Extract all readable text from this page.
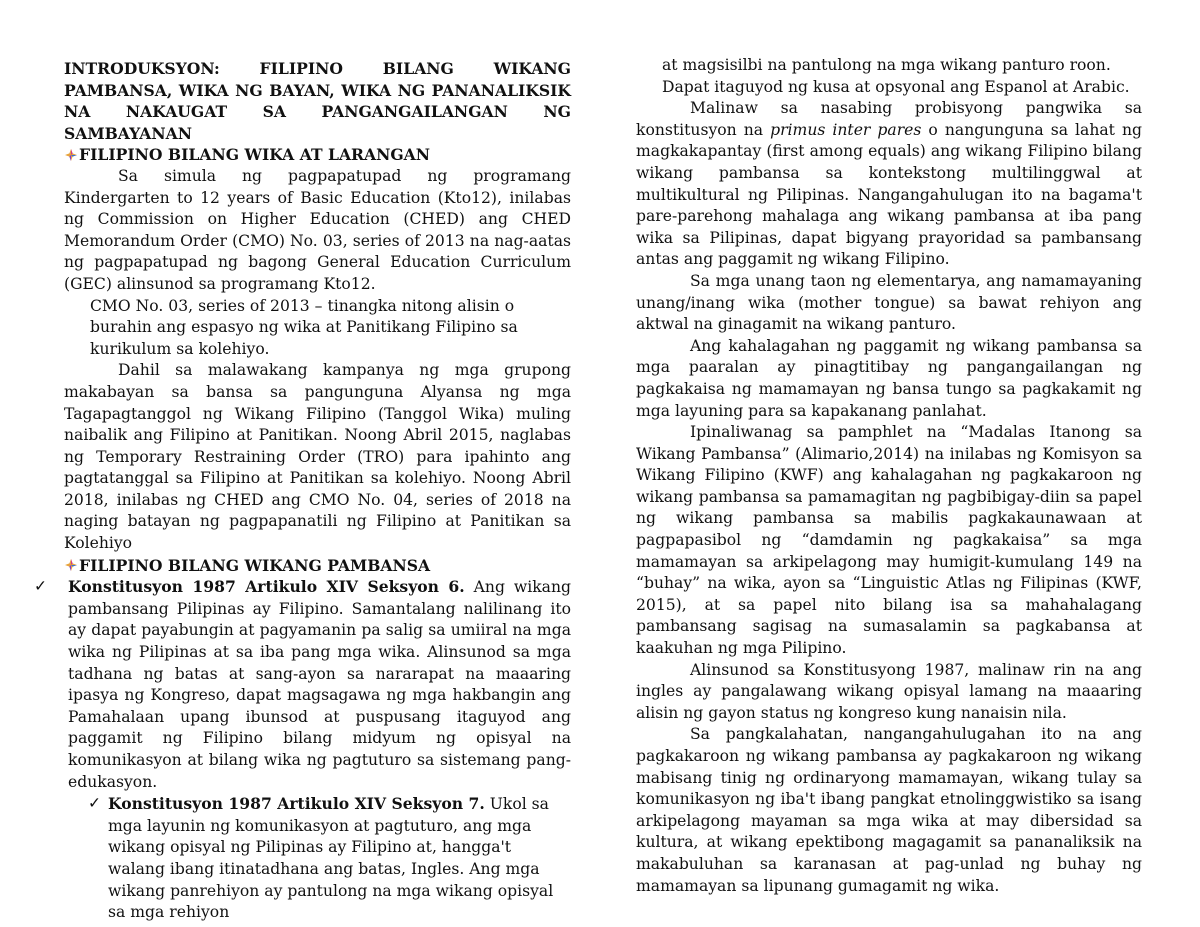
INTRODUKSYON: FILIPINO BILANG WIKANG PAMBANSA, WIKA NG BAYAN, WIKA NG PANANALIKSIK NA NAKAUGAT SA PANGANGAILANGAN NG SAMBAYANAN

FILIPINO BILANG WIKA AT LARANGAN

Sa simula ng pagpapatupad ng programang Kindergarten to 12 years of Basic Education (Kto12), inilabas ng Commission on Higher Education (CHED) ang CHED Memorandum Order (CMO) No. 03, series of 2013 na nag-aatas ng pagpapatupad ng bagong General Education Curriculum (GEC) alinsunod sa programang Kto12.

CMO No. 03, series of 2013 – tinangka nitong alisin o burahin ang espasyo ng wika at Panitikang Filipino sa kurikulum sa kolehiyo.

Dahil sa malawakang kampanya ng mga grupong makabayan sa bansa sa pangunguna Alyansa ng mga Tagapagtanggol ng Wikang Filipino (Tanggol Wika) muling naibalik ang Filipino at Panitikan. Noong Abril 2015, naglabas ng Temporary Restraining Order (TRO) para ipahinto ang pagtatanggal sa Filipino at Panitikan sa kolehiyo. Noong Abril 2018, inilabas ng CHED ang CMO No. 04, series of 2018 na naging batayan ng pagpapanatili ng Filipino at Panitikan sa Kolehiyo

FILIPINO BILANG WIKANG PAMBANSA
✓	Konstitusyon 1987 Artikulo XIV Seksyon 6. Ang wikang pambansang Pilipinas ay Filipino. Samantalang nalilinang ito ay dapat payabungin at pagyamanin pa salig sa umiiral na mga wika ng Pilipinas at sa iba pang mga wika. Alinsunod sa mga tadhana ng batas at sang-ayon sa nararapat na maaaring ipasya ng Kongreso, dapat magsagawa ng mga hakbangin ang Pamahalaan upang ibunsod at puspusang itaguyod ang paggamit ng Filipino bilang midyum ng opisyal na komunikasyon at bilang wika ng pagtuturo sa sistemang pang-edukasyon.

✓ Konstitusyon 1987 Artikulo XIV Seksyon 7. Ukol sa mga layunin ng komunikasyon at pagtuturo, ang mga wikang opisyal ng Pilipinas ay Filipino at, hangga't walang ibang itinatadhana ang batas, Ingles. Ang mga wikang panrehiyon ay pantulong na mga wikang opisyal sa mga rehiyon

at magsisilbi na pantulong na mga wikang panturo roon.

Dapat itaguyod ng kusa at opsyonal ang Espanol at Arabic.

Malinaw sa nasabing probisyong pangwika sa konstitusyon na primus inter pares o nangunguna sa lahat ng magkakapantay (first among equals) ang wikang Filipino bilang wikang pambansa sa kontekstong multilinggwal at multikultural ng Pilipinas. Nangangahulugan ito na bagama't pare-parehong mahalaga ang wikang pambansa at iba pang wika sa Pilipinas, dapat bigyang prayoridad sa pambansang antas ang paggamit ng wikang Filipino.

Sa mga unang taon ng elementarya, ang namamayaning unang/inang wika (mother tongue) sa bawat rehiyon ang aktwal na ginagamit na wikang panturo.

Ang kahalagahan ng paggamit ng wikang pambansa sa mga paaralan ay pinagtitibay ng pangangailangan ng pagkakaisa ng mamamayan ng bansa tungo sa pagkakamit ng mga layuning para sa kapakanang panlahat.

Ipinaliwanag sa pamphlet na “Madalas Itanong sa Wikang Pambansa” (Alimario,2014) na inilabas ng Komisyon sa Wikang Filipino (KWF) ang kahalagahan ng pagkakaroon ng wikang pambansa sa pamamagitan ng pagbibigay-diin sa papel ng wikang pambansa sa mabilis pagkakaunawaan at pagpapasibol ng “damdamin ng pagkakaisa” sa mga mamamayan sa arkipelagong may humigit-kumulang 149 na “buhay” na wika, ayon sa “Linguistic Atlas ng Filipinas (KWF, 2015), at sa papel nito bilang isa sa mahahalagang pambansang sagisag na sumasalamin sa pagkabansa at kaakuhan ng mga Pilipino.

Alinsunod sa Konstitusyong 1987, malinaw rin na ang ingles ay pangalawang wikang opisyal lamang na maaaring alisin ng gayon status ng kongreso kung nanaisin nila.

Sa pangkalahatan, nangangahulugahan ito na ang pagkakaroon ng wikang pambansa ay pagkakaroon ng wikang mabisang tinig ng ordinaryong mamamayan, wikang tulay sa komunikasyon ng iba't ibang pangkat etnolinggwistiko sa isang arkipelagong mayaman sa mga wika at may dibersidad sa kultura, at wikang epektibong magagamit sa pananaliksik na makabuluhan sa karanasan at pag-unlad ng buhay ng mamamayan sa lipunang gumagamit ng wika.
